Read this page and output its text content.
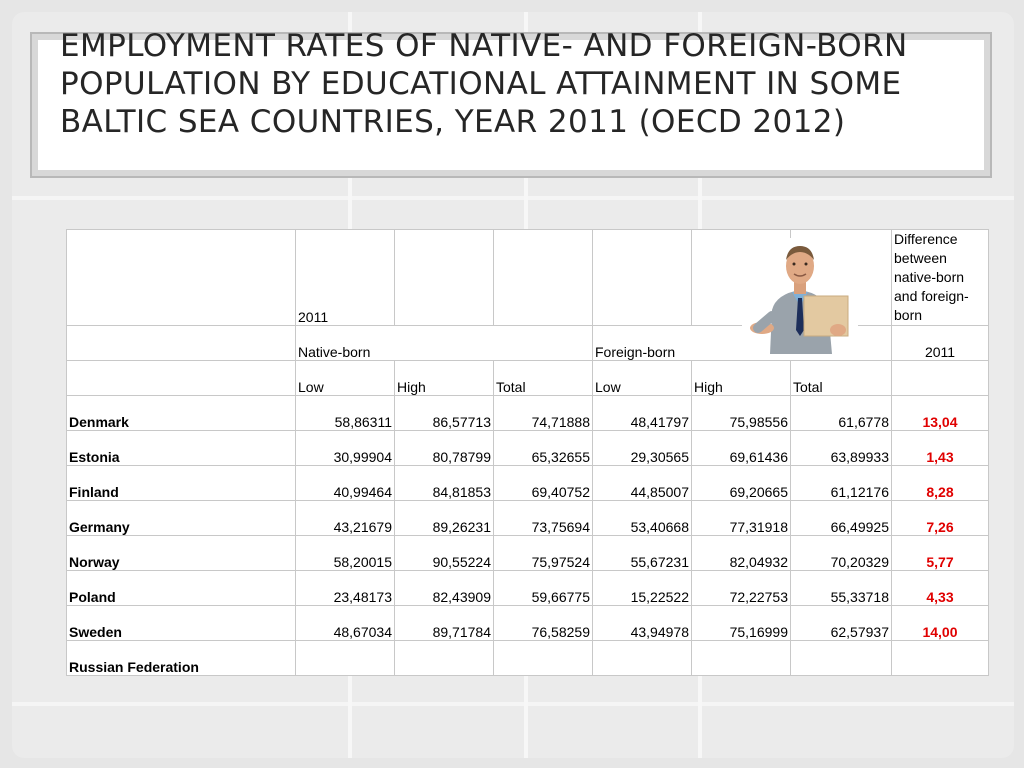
EMPLOYMENT RATES OF NATIVE- AND FOREIGN-BORN POPULATION BY EDUCATIONAL ATTAINMENT IN SOME BALTIC SEA COUNTRIES, YEAR 2011 (OECD 2012)
	2011						Difference between native-born and foreign-born
	Native-born			Foreign-born			2011
	Low	High	Total	Low	High	Total	
Denmark	58,86311	86,57713	74,71888	48,41797	75,98556	61,6778	13,04
Estonia	30,99904	80,78799	65,32655	29,30565	69,61436	63,89933	1,43
Finland	40,99464	84,81853	69,40752	44,85007	69,20665	61,12176	8,28
Germany	43,21679	89,26231	73,75694	53,40668	77,31918	66,49925	7,26
Norway	58,20015	90,55224	75,97524	55,67231	82,04932	70,20329	5,77
Poland	23,48173	82,43909	59,66775	15,22522	72,22753	55,33718	4,33
Sweden	48,67034	89,71784	76,58259	43,94978	75,16999	62,57937	14,00
Russian Federation							
